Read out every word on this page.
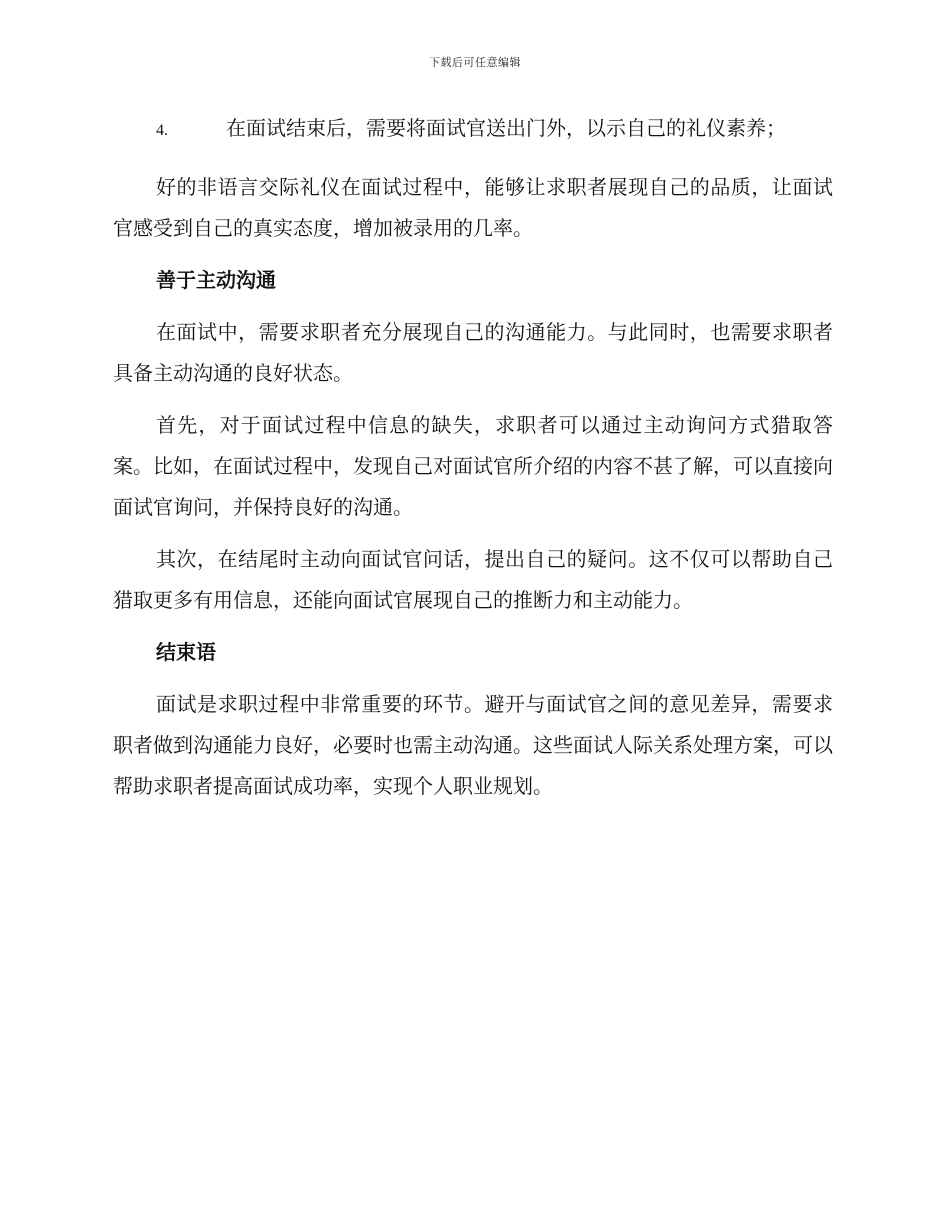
下载后可任意编辑
4.	在面试结束后，需要将面试官送出门外，以示自己的礼仪素养；

好的非语言交际礼仪在面试过程中，能够让求职者展现自己的品质，让面试官感受到自己的真实态度，增加被录用的几率。

善于主动沟通

在面试中，需要求职者充分展现自己的沟通能力。与此同时，也需要求职者具备主动沟通的良好状态。

首先，对于面试过程中信息的缺失，求职者可以通过主动询问方式猎取答案。比如，在面试过程中，发现自己对面试官所介绍的内容不甚了解，可以直接向面试官询问，并保持良好的沟通。

其次，在结尾时主动向面试官问话，提出自己的疑问。这不仅可以帮助自己猎取更多有用信息，还能向面试官展现自己的推断力和主动能力。

结束语

面试是求职过程中非常重要的环节。避开与面试官之间的意见差异，需要求职者做到沟通能力良好，必要时也需主动沟通。这些面试人际关系处理方案，可以帮助求职者提高面试成功率，实现个人职业规划。
